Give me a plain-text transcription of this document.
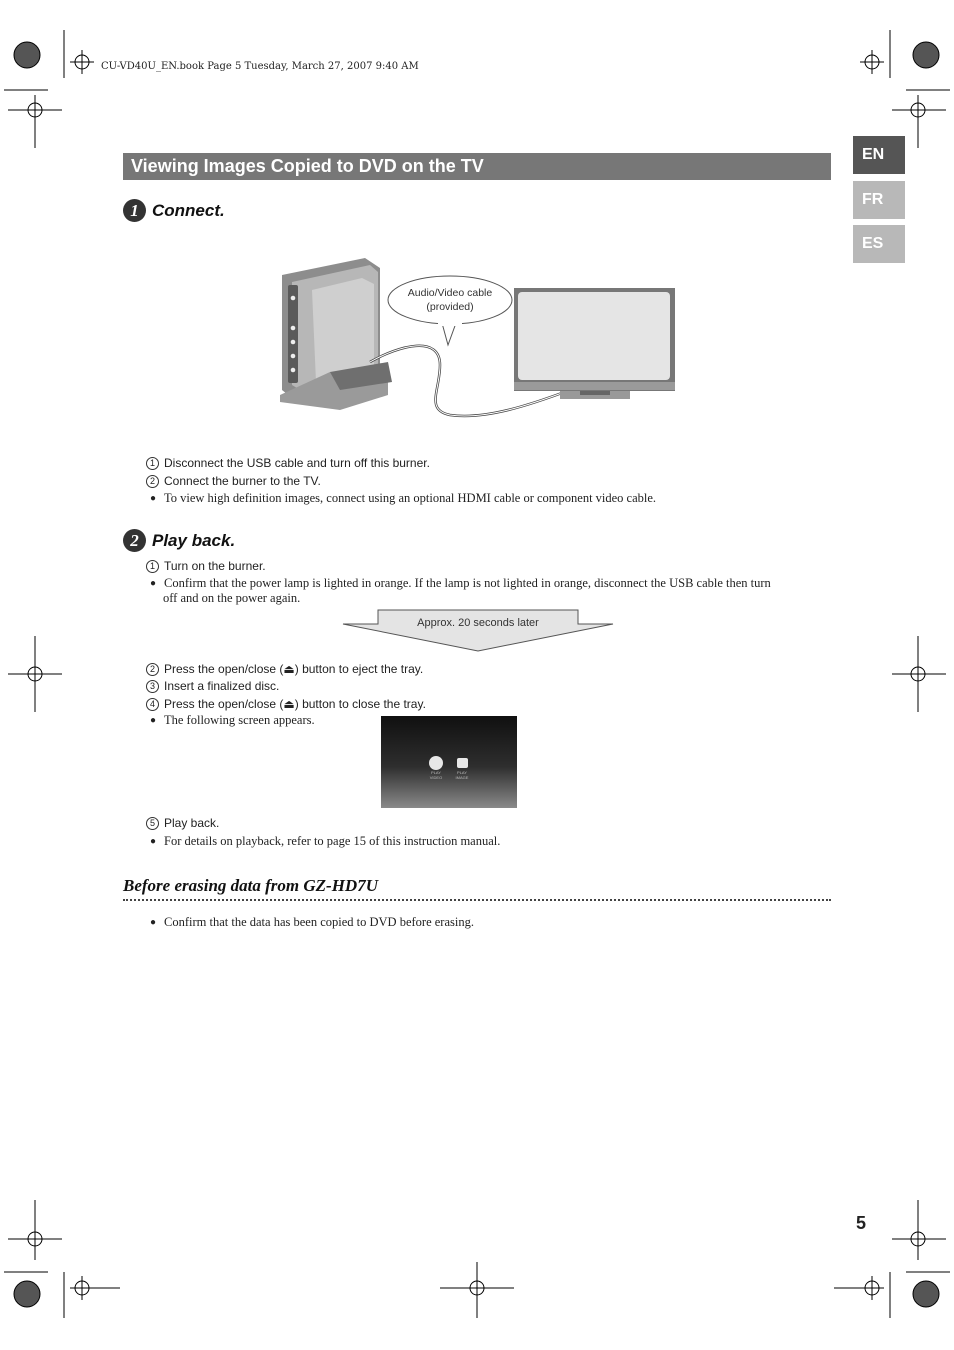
CU-VD40U_EN.book Page 5 Tuesday, March 27, 2007 9:40 AM
Viewing Images Copied to DVD on the TV
EN
FR
ES
1 Connect.
Audio/Video cable
(provided)
1 Disconnect the USB cable and turn off this burner.
2 Connect the burner to the TV.
● To view high definition images, connect using an optional HDMI cable or component video cable.
2 Play back.
1 Turn on the burner.
● Confirm that the power lamp is lighted in orange. If the lamp is not lighted in orange, disconnect the USB cable then turn
off and on the power again.
Approx. 20 seconds later
2 Press the open/close (⏏) button to eject the tray.
3 Insert a finalized disc.
4 Press the open/close (⏏) button to close the tray.
● The following screen appears.
PLAY VIDEO
PLAY IMAGE
5 Play back.
● For details on playback, refer to page 15 of this instruction manual.
Before erasing data from GZ-HD7U
● Confirm that the data has been copied to DVD before erasing.
5
